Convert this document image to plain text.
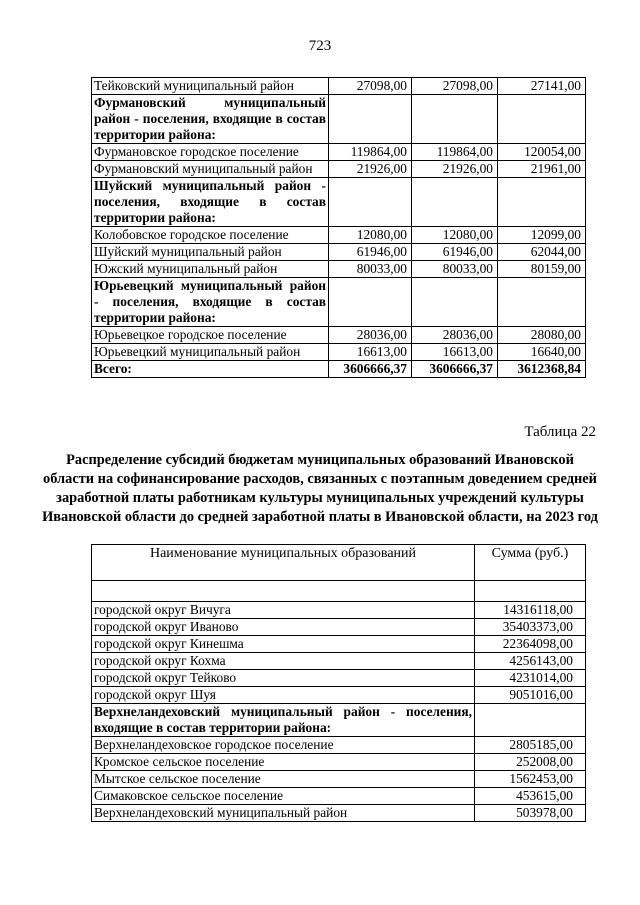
723
Тейковский муниципальный район	27098,00	27098,00	27141,00
Фурмановский муниципальный район - поселения, входящие в состав территории района:			
Фурмановское городское поселение	119864,00	119864,00	120054,00
Фурмановский муниципальный район	21926,00	21926,00	21961,00
Шуйский муниципальный район - поселения, входящие в состав территории района:			
Колобовское городское поселение	12080,00	12080,00	12099,00
Шуйский муниципальный район	61946,00	61946,00	62044,00
Южский муниципальный район	80033,00	80033,00	80159,00
Юрьевецкий муниципальный район - поселения, входящие в состав территории района:			
Юрьевецкое городское поселение	28036,00	28036,00	28080,00
Юрьевецкий муниципальный район	16613,00	16613,00	16640,00
Всего:	3606666,37	3606666,37	3612368,84
Таблица 22
Распределение субсидий бюджетам муниципальных образований Ивановской области на софинансирование расходов, связанных с поэтапным доведением средней заработной платы работникам культуры муниципальных учреждений культуры Ивановской области до средней заработной платы в Ивановской области, на 2023 год
Наименование муниципальных образований	Сумма (руб.)

городской округ Вичуга	14316118,00
городской округ Иваново	35403373,00
городской округ Кинешма	22364098,00
городской округ Кохма	4256143,00
городской округ Тейково	4231014,00
городской округ Шуя	9051016,00
Верхнеландеховский муниципальный район - поселения, входящие в состав территории района:	
Верхнеландеховское городское поселение	2805185,00
Кромское сельское поселение	252008,00
Мытское сельское поселение	1562453,00
Симаковское сельское поселение	453615,00
Верхнеландеховский муниципальный район	503978,00
